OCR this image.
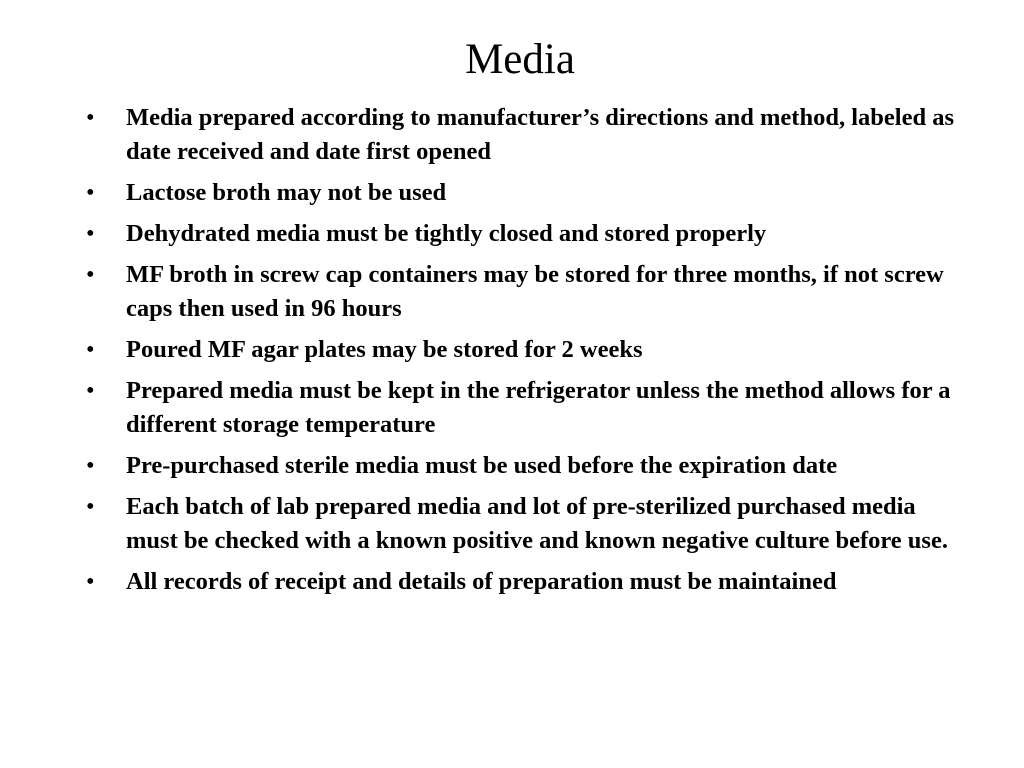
Media
• Media prepared according to manufacturer’s directions and method, labeled as date received and date first opened
• Lactose broth may not be used
• Dehydrated media must be tightly closed and stored properly
• MF broth in screw cap containers may be stored for three months, if not screw caps then used in 96 hours
• Poured MF agar plates may be stored for 2 weeks
• Prepared media must be kept in the refrigerator unless the method allows for a different storage temperature
• Pre-purchased sterile media must be used before the expiration date
• Each batch of lab prepared media and lot of pre-sterilized purchased media must be checked with a known positive and known negative culture before use.
• All records of receipt and details of preparation must be maintained
